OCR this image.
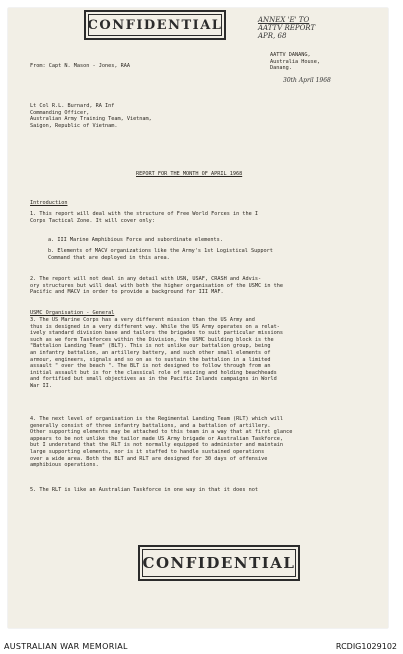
CONFIDENTIAL	ANNEX 'E' TO
AATTV REPORT
APR, 68
From: Capt N. Mason - Jones, RAA
AATTV DANANG,
Australia House,
Danang.
30th April 1968
Lt Col R.L. Burnard, RA Inf
Commanding Officer,
Australian Army Training Team, Vietnam,
Saigon, Republic of Vietnam.
REPORT FOR THE MONTH OF APRIL 1968
Introduction
1. This report will deal with the structure of Free World Forces in the I
Corps Tactical Zone. It will cover only:
a. III Marine Amphibious Force and subordinate elements.
b. Elements of MACV organizations like the Army's 1st Logistical Support
Command that are deployed in this area.
2. The report will not deal in any detail with USN, USAF, CRASH and Advis-
ory structures but will deal with both the higher organisation of the USMC in the
Pacific and MACV in order to provide a background for III MAF.
USMC Organisation - General
3. The US Marine Corps has a very different mission than the US Army and
thus is designed in a very different way. While the US Army operates on a relat-
ively standard division base and tailors the brigades to suit particular missions
such as we form Taskforces within the Division, the USMC building block is the
"Battalion Landing Team" (BLT). This is not unlike our battalion group, being
an infantry battalion, an artillery battery, and such other small elements of
armour, engineers, signals and so on as to sustain the battalion in a limited
assault " over the beach ". The BLT is not designed to follow through from an
initial assault but is for the classical role of seizing and holding beachheads
and fortified but small objectives as in the Pacific Islands campaigns in World
War II.
4. The next level of organisation is the Regimental Landing Team (RLT) which will
generally consist of three infantry battalions, and a battalion of artillery.
Other supporting elements may be attached to this team in a way that at first glance
appears to be not unlike the tailor made US Army brigade or Australian Taskforce,
but I understand that the RLT is not normally equipped to administer and maintain
large supporting elements, nor is it staffed to handle sustained operations
over a wide area. Both the BLT and RLT are designed for 30 days of offensive
amphibious operations.
5. The RLT is like an Australian Taskforce in one way in that it does not
CONFIDENTIAL
AUSTRALIAN WAR MEMORIAL	RCDIG1029102
